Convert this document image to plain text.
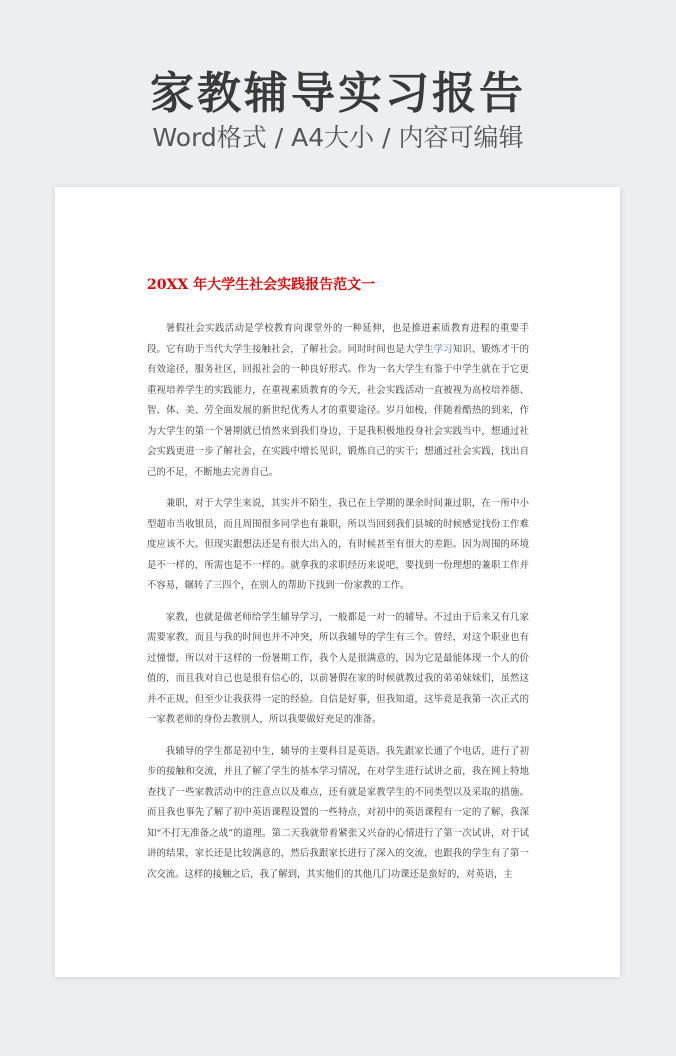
家教辅导实习报告
Word格式 / A4大小 / 内容可编辑
20XX 年大学生社会实践报告范文一

暑假社会实践活动是学校教育向课堂外的一种延伸，也是推进素质教育进程的重要手段。它有助于当代大学生接触社会，了解社会。同时时间也是大学生学习知识、锻炼才干的有效途径，服务社区，回报社会的一种良好形式。作为一名大学生有鉴于中学生就在于它更重视培养学生的实践能力，在重视素质教育的今天，社会实践活动一直被视为高校培养德、智、体、美、劳全面发展的新世纪优秀人才的重要途径。岁月如梭，伴随着酷热的到来，作为大学生的第一个暑期就已悄然来到我们身边，于是我积极地投身社会实践当中，想通过社会实践更进一步了解社会，在实践中增长见识，锻炼自己的实干；想通过社会实践，找出自己的不足，不断地去完善自己。

兼职，对于大学生来说，其实并不陌生，我已在上学期的课余时间兼过职，在一所中小型超市当收银员，而且周围很多同学也有兼职，所以当回到我们县城的时候感觉找份工作难度应该不大。但现实跟想法还是有很大出入的，有时候甚至有很大的差距。因为周围的环境是不一样的，所需也是不一样的。就拿我的求职经历来说吧，要找到一份理想的兼职工作并不容易，辗转了三四个，在别人的帮助下找到一份家教的工作。

家教，也就是做老师给学生辅导学习，一般都是一对一的辅导。不过由于后来又有几家需要家教，而且与我的时间也并不冲突，所以我辅导的学生有三个。曾经，对这个职业也有过憧憬，所以对于这样的一份暑期工作，我个人是很满意的，因为它是最能体现一个人的价值的，而且我对自己也是很有信心的，以前暑假在家的时候就教过我的弟弟妹妹们，虽然这并不正规，但至少让我获得一定的经验。自信是好事，但我知道，这毕竟是我第一次正式的一家教老师的身份去教别人，所以我要做好充足的准备。

我辅导的学生都是初中生，辅导的主要科目是英语。我先跟家长通了个电话，进行了初步的接触和交流，并且了解了学生的基本学习情况，在对学生进行试讲之前，我在网上特地查找了一些家教活动中的注意点以及难点，还有就是家教学生的不同类型以及采取的措施。而且我也事先了解了初中英语课程设置的一些特点，对初中的英语课程有一定的了解，我深知“不打无准备之战”的道理。第二天我就带着紧张又兴奋的心情进行了第一次试讲，对于试讲的结果，家长还是比较满意的，然后我跟家长进行了深入的交流，也跟我的学生有了第一次交流。这样的接触之后，我了解到，其实他们的其他几门功课还是蛮好的，对英语，主
